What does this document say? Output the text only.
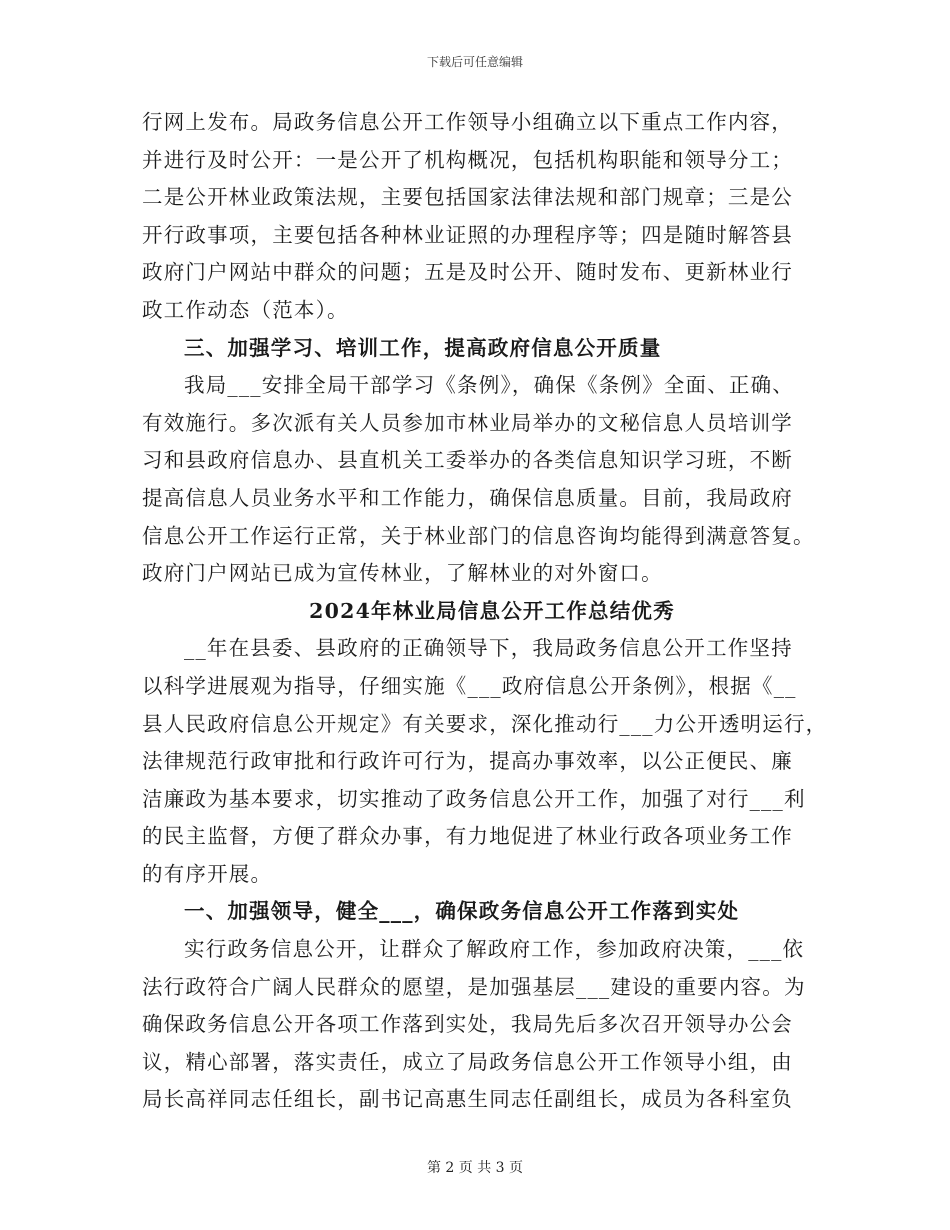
下载后可任意编辑
行网上发布。局政务信息公开工作领导小组确立以下重点工作内容，
并进行及时公开：一是公开了机构概况，包括机构职能和领导分工；
二是公开林业政策法规，主要包括国家法律法规和部门规章；三是公
开行政事项，主要包括各种林业证照的办理程序等；四是随时解答县
政府门户网站中群众的问题；五是及时公开、随时发布、更新林业行
政工作动态（范本）。
三、加强学习、培训工作，提高政府信息公开质量
我局___安排全局干部学习《条例》，确保《条例》全面、正确、
有效施行。多次派有关人员参加市林业局举办的文秘信息人员培训学
习和县政府信息办、县直机关工委举办的各类信息知识学习班，不断
提高信息人员业务水平和工作能力，确保信息质量。目前，我局政府
信息公开工作运行正常，关于林业部门的信息咨询均能得到满意答复。
政府门户网站已成为宣传林业，了解林业的对外窗口。
2024年林业局信息公开工作总结优秀
__年在县委、县政府的正确领导下，我局政务信息公开工作坚持
以科学进展观为指导，仔细实施《___政府信息公开条例》，根据《__
县人民政府信息公开规定》有关要求，深化推动行___力公开透明运行，
法律规范行政审批和行政许可行为，提高办事效率，以公正便民、廉
洁廉政为基本要求，切实推动了政务信息公开工作，加强了对行___利
的民主监督，方便了群众办事，有力地促进了林业行政各项业务工作
的有序开展。
一、加强领导，健全___，确保政务信息公开工作落到实处
实行政务信息公开，让群众了解政府工作，参加政府决策，___依
法行政符合广阔人民群众的愿望，是加强基层___建设的重要内容。为
确保政务信息公开各项工作落到实处，我局先后多次召开领导办公会
议，精心部署，落实责任，成立了局政务信息公开工作领导小组，由
局长高祥同志任组长，副书记高惠生同志任副组长，成员为各科室负
第 2 页 共 3 页
